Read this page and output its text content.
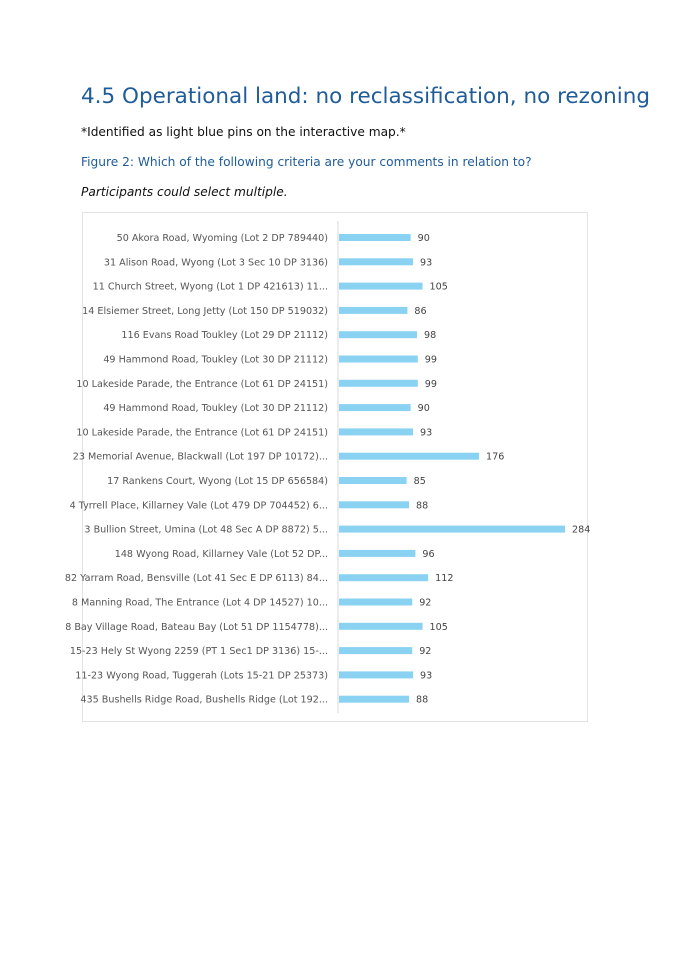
4.5 Operational land: no reclassification, no rezoning

*Identified as light blue pins on the interactive map.*

Figure 2: Which of the following criteria are your comments in relation to?

Participants could select multiple.

50 Akora Road, Wyoming (Lot 2 DP 789440)	90
31 Alison Road, Wyong (Lot 3 Sec 10 DP 3136)	93
11 Church Street, Wyong (Lot 1 DP 421613) 11...	105
14 Elsiemer Street, Long Jetty (Lot 150 DP 519032)	86
116 Evans Road Toukley (Lot 29 DP 21112)	98
49 Hammond Road, Toukley (Lot 30 DP 21112)	99
10 Lakeside Parade, the Entrance (Lot 61 DP 24151)	99
49 Hammond Road, Toukley (Lot 30 DP 21112)	90
10 Lakeside Parade, the Entrance (Lot 61 DP 24151)	93
23 Memorial Avenue, Blackwall (Lot 197 DP 10172)...	176
17 Rankens Court, Wyong (Lot 15 DP 656584)	85
4 Tyrrell Place, Killarney Vale (Lot 479 DP 704452) 6...	88
3 Bullion Street, Umina (Lot 48 Sec A DP 8872) 5...	284
148 Wyong Road, Killarney Vale (Lot 52 DP...	96
82 Yarram Road, Bensville (Lot 41 Sec E DP 6113) 84...	112
8 Manning Road, The Entrance (Lot 4 DP 14527) 10...	92
8 Bay Village Road, Bateau Bay (Lot 51 DP 1154778)...	105
15-23 Hely St Wyong 2259 (PT 1 Sec1 DP 3136) 15-...	92
11-23 Wyong Road, Tuggerah (Lots 15-21 DP 25373)	93
435 Bushells Ridge Road, Bushells Ridge (Lot 192...	88
